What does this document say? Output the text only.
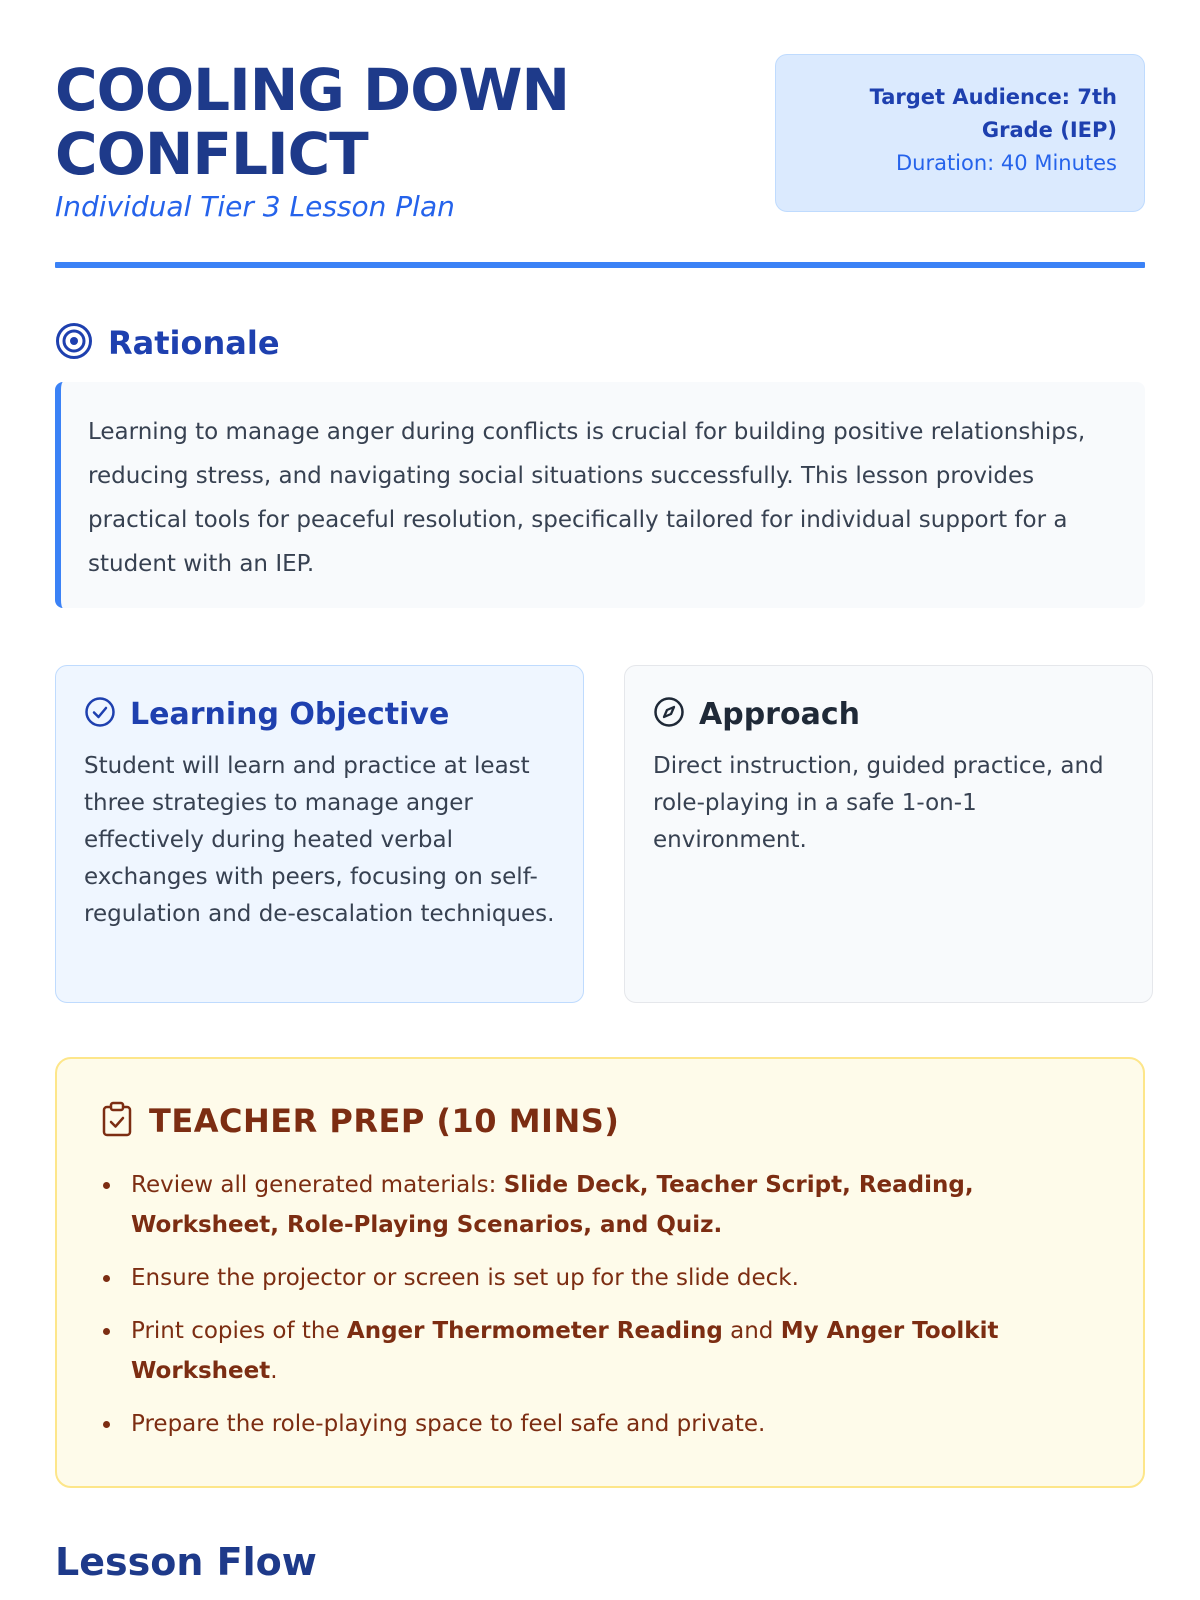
COOLING DOWN CONFLICT
Individual Tier 3 Lesson Plan
Target Audience: 7th Grade (IEP)
Duration: 40 Minutes
Rationale

Learning to manage anger during conflicts is crucial for building positive relationships, reducing stress, and navigating social situations successfully. This lesson provides practical tools for peaceful resolution, specifically tailored for individual support for a student with an IEP.

Learning Objective

Student will learn and practice at least three strategies to manage anger effectively during heated verbal exchanges with peers, focusing on self-regulation and de-escalation techniques.

Approach

Direct instruction, guided practice, and role-playing in a safe 1-on-1 environment.

TEACHER PREP (10 MINS)
Review all generated materials: Slide Deck, Teacher Script, Reading, Worksheet, Role-Playing Scenarios, and Quiz.
Ensure the projector or screen is set up for the slide deck.
Print copies of the Anger Thermometer Reading and My Anger Toolkit Worksheet.
Prepare the role-playing space to feel safe and private.
Lesson Flow
